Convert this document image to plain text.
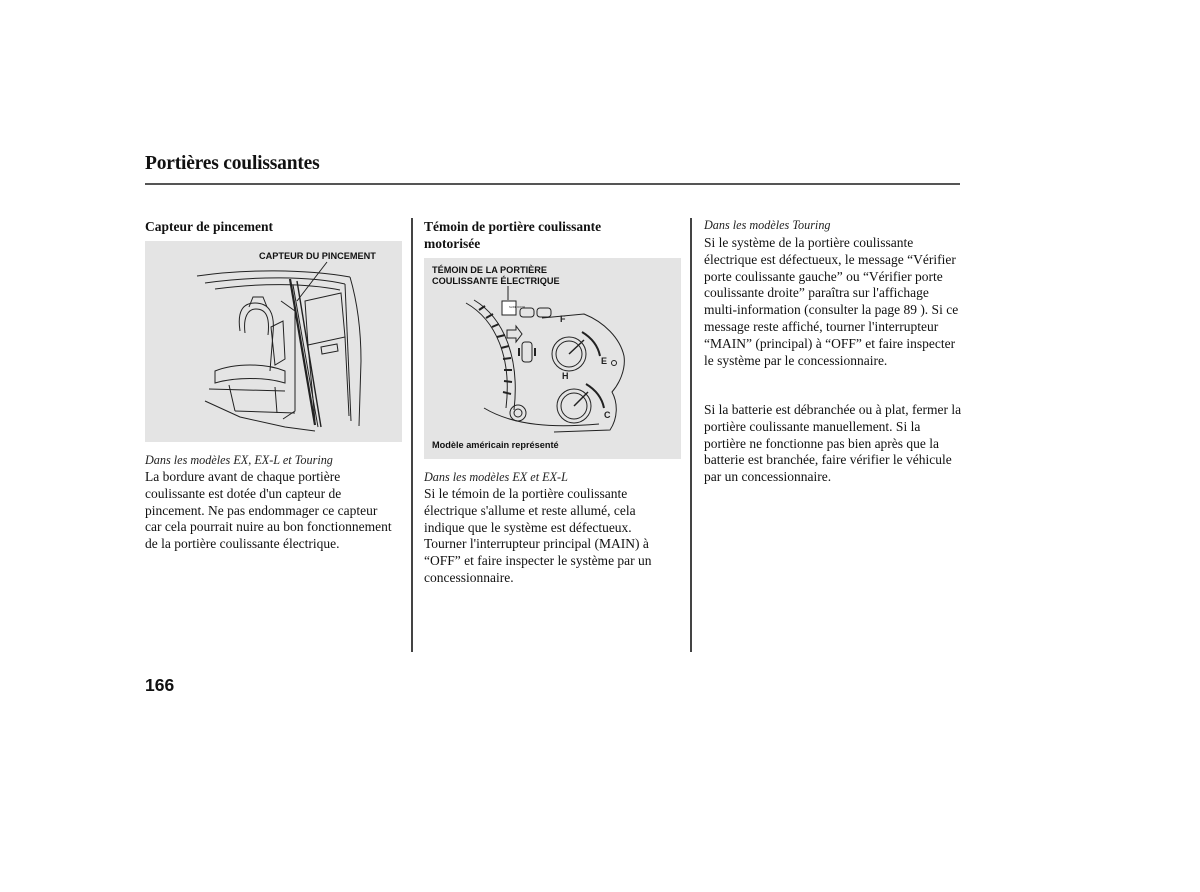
Portières coulissantes
Capteur de pincement
CAPTEUR DU PINCEMENT

Dans les modèles EX, EX-L et Touring

La bordure avant de chaque portière coulissante est dotée d'un capteur de pincement. Ne pas endommager ce capteur car cela pourrait nuire au bon fonctionnement de la portière coulissante électrique.

Témoin de portière coulissante motorisée
TÉMOIN DE LA PORTIÈRE
COULISSANTE ÉLECTRIQUE
Modèle américain représenté
F
E
H
C
SLIDE DOOR

Dans les modèles EX et EX-L

Si le témoin de la portière coulissante électrique s'allume et reste allumé, cela indique que le système est défectueux. Tourner l'interrupteur principal (MAIN) à “OFF” et faire inspecter le système par un concessionnaire.

Dans les modèles Touring

Si le système de la portière coulissante électrique est défectueux, le message “Vérifier porte coulissante gauche” ou “Vérifier porte coulissante droite” paraîtra sur l'affichage multi-information (consulter la page 89 ). Si ce message reste affiché, tourner l'interrupteur “MAIN” (principal) à “OFF” et faire inspecter le système par le concessionnaire.

Si la batterie est débranchée ou à plat, fermer la portière coulissante manuellement. Si la portière ne fonctionne pas bien après que la batterie est branchée, faire vérifier le véhicule par un concessionnaire.

166
